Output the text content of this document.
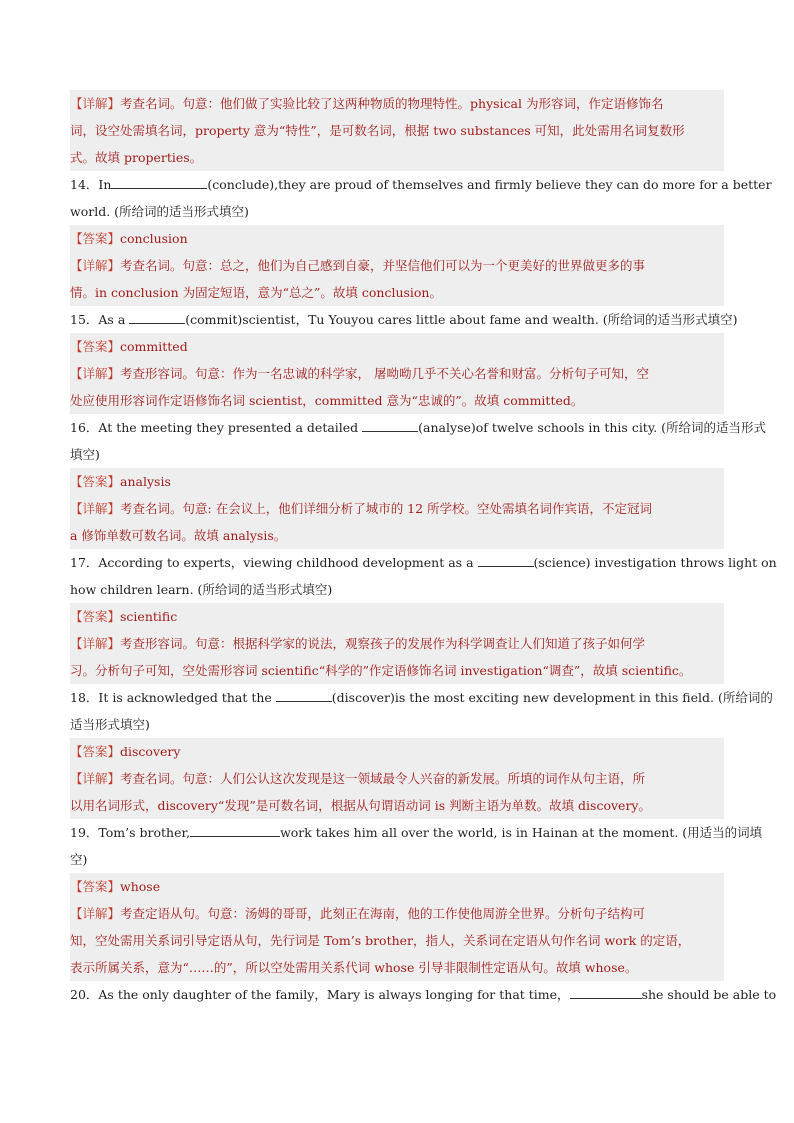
【详解】考查名词。句意：他们做了实验比较了这两种物质的物理特性。physical 为形容词，作定语修饰名
词，设空处需填名词，property 意为“特性”，是可数名词，根据 two substances 可知，此处需用名词复数形
式。故填 properties。
14．In	(conclude),they are proud of themselves and firmly believe they can do more for a better
world. (所给词的适当形式填空)
【答案】conclusion
【详解】考查名词。句意：总之，他们为自己感到自豪，并坚信他们可以为一个更美好的世界做更多的事
情。in conclusion 为固定短语，意为“总之”。故填 conclusion。
15．As a	(commit)scientist，Tu Youyou cares little about fame and wealth. (所给词的适当形式填空)
【答案】committed
【详解】考查形容词。句意：作为一名忠诚的科学家， 屠呦呦几乎不关心名誉和财富。分析句子可知，空
处应使用形容词作定语修饰名词 scientist，committed 意为“忠诚的”。故填 committed。
16．At the meeting they presented a detailed	(analyse)of twelve schools in this city. (所给词的适当形式
填空)
【答案】analysis
【详解】考查名词。句意: 在会议上，他们详细分析了城市的 12 所学校。空处需填名词作宾语，不定冠词
a 修饰单数可数名词。故填 analysis。
17．According to experts，viewing childhood development as a	(science) investigation throws light on
how children learn. (所给词的适当形式填空)
【答案】scientific
【详解】考查形容词。句意：根据科学家的说法，观察孩子的发展作为科学调查让人们知道了孩子如何学
习。分析句子可知，空处需形容词 scientific“科学的”作定语修饰名词 investigation“调查”，故填 scientific。
18．It is acknowledged that the	(discover)is the most exciting new development in this field. (所给词的
适当形式填空)
【答案】discovery
【详解】考查名词。句意：人们公认这次发现是这一领域最令人兴奋的新发展。所填的词作从句主语，所
以用名词形式，discovery“发现”是可数名词，根据从句谓语动词 is 判断主语为单数。故填 discovery。
19．Tom’s brother,	work takes him all over the world, is in Hainan at the moment. (用适当的词填
空)
【答案】whose
【详解】考查定语从句。句意：汤姆的哥哥，此刻正在海南，他的工作使他周游全世界。分析句子结构可
知，空处需用关系词引导定语从句，先行词是 Tom’s brother，指人，关系词在定语从句作名词 work 的定语，
表示所属关系，意为“……的”，所以空处需用关系代词 whose 引导非限制性定语从句。故填 whose。
20．As the only daughter of the family，Mary is always longing for that time，	she should be able to
